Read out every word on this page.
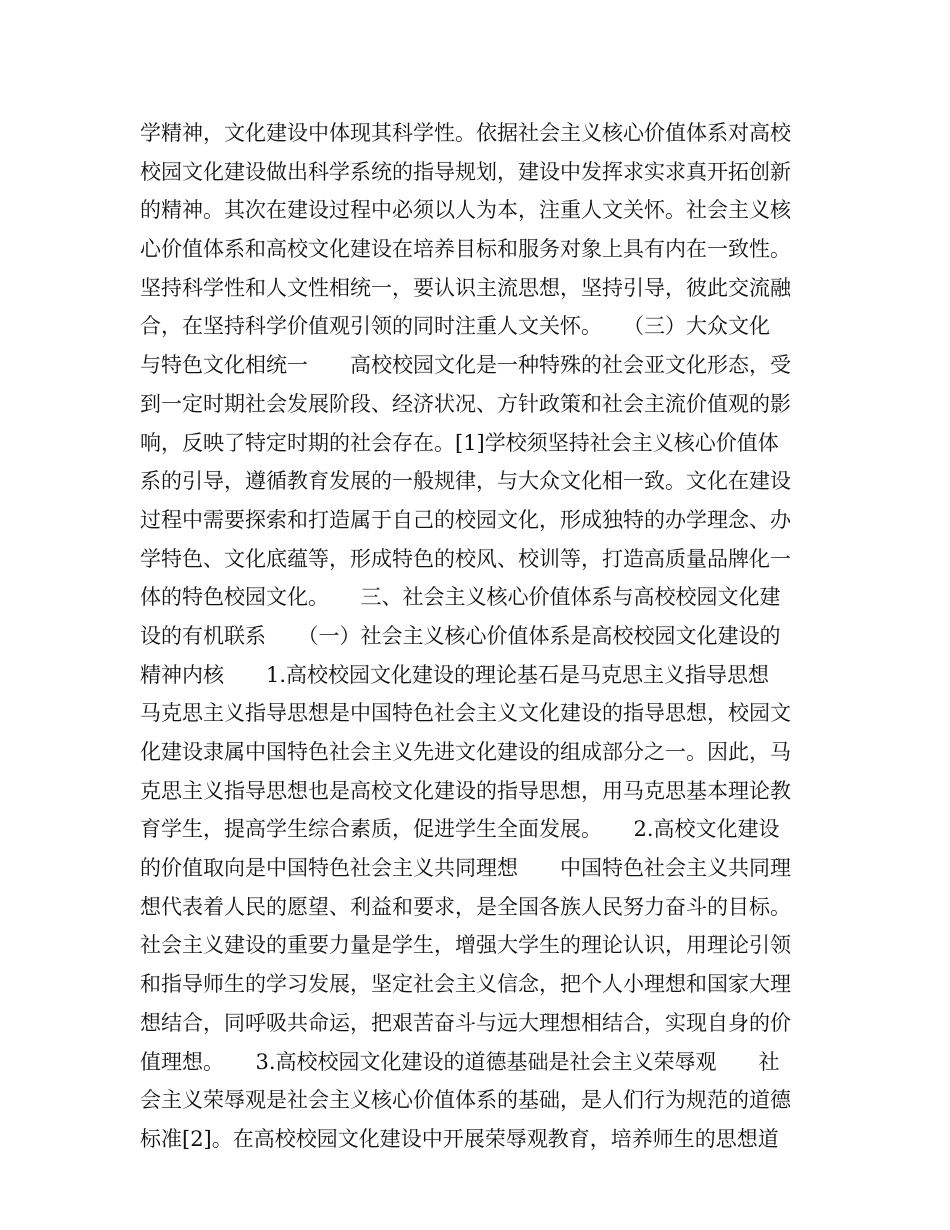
学精神，文化建设中体现其科学性。依据社会主义核心价值体系对高校
校园文化建设做出科学系统的指导规划，建设中发挥求实求真开拓创新
的精神。其次在建设过程中必须以人为本，注重人文关怀。社会主义核
心价值体系和高校文化建设在培养目标和服务对象上具有内在一致性。
坚持科学性和人文性相统一，要认识主流思想，坚持引导，彼此交流融
合，在坚持科学价值观引领的同时注重人文关怀。　　（三）大众文化
与特色文化相统一　　高校校园文化是一种特殊的社会亚文化形态，受
到一定时期社会发展阶段、经济状况、方针政策和社会主流价值观的影
响，反映了特定时期的社会存在。[1]学校须坚持社会主义核心价值体
系的引导，遵循教育发展的一般规律，与大众文化相一致。文化在建设
过程中需要探索和打造属于自己的校园文化，形成独特的办学理念、办
学特色、文化底蕴等，形成特色的校风、校训等，打造高质量品牌化一
体的特色校园文化。　　三、社会主义核心价值体系与高校校园文化建
设的有机联系　　（一）社会主义核心价值体系是高校校园文化建设的
精神内核　　1.高校校园文化建设的理论基石是马克思主义指导思想
马克思主义指导思想是中国特色社会主义文化建设的指导思想，校园文
化建设隶属中国特色社会主义先进文化建设的组成部分之一。因此，马
克思主义指导思想也是高校文化建设的指导思想，用马克思基本理论教
育学生，提高学生综合素质，促进学生全面发展。　　2.高校文化建设
的价值取向是中国特色社会主义共同理想　　中国特色社会主义共同理
想代表着人民的愿望、利益和要求，是全国各族人民努力奋斗的目标。
社会主义建设的重要力量是学生，增强大学生的理论认识，用理论引领
和指导师生的学习发展，坚定社会主义信念，把个人小理想和国家大理
想结合，同呼吸共命运，把艰苦奋斗与远大理想相结合，实现自身的价
值理想。　　3.高校校园文化建设的道德基础是社会主义荣辱观　　社
会主义荣辱观是社会主义核心价值体系的基础，是人们行为规范的道德
标准[2]。在高校校园文化建设中开展荣辱观教育，培养师生的思想道
